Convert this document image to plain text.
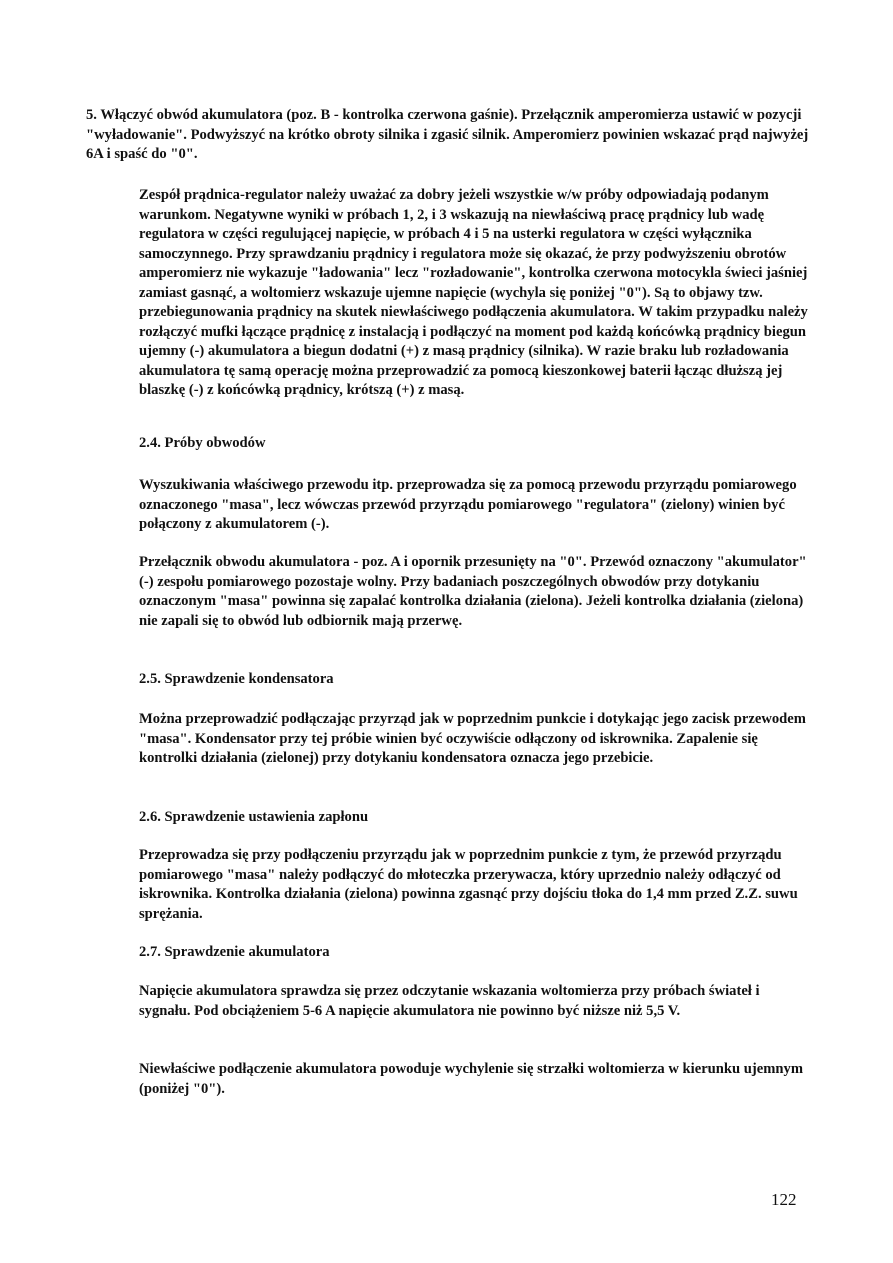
5. Włączyć obwód akumulatora (poz. B - kontrolka czerwona gaśnie). Przełącznik amperomierza ustawić w pozycji "wyładowanie". Podwyższyć na krótko obroty silnika i zgasić silnik. Amperomierz powinien wskazać prąd najwyżej 6A i spaść do "0".

Zespół prądnica-regulator należy uważać za dobry jeżeli wszystkie w/w próby odpowiadają podanym warunkom. Negatywne wyniki w próbach 1, 2, i 3 wskazują na niewłaściwą pracę prądnicy lub wadę regulatora w części regulującej napięcie, w próbach 4 i 5 na usterki regulatora w części wyłącznika samoczynnego. Przy sprawdzaniu prądnicy i regulatora może się okazać, że przy podwyższeniu obrotów amperomierz nie wykazuje "ładowania" lecz "rozładowanie", kontrolka czerwona motocykla świeci jaśniej zamiast gasnąć, a woltomierz wskazuje ujemne napięcie (wychyla się poniżej "0"). Są to objawy tzw. przebiegunowania prądnicy na skutek niewłaściwego podłączenia akumulatora. W takim przypadku należy rozłączyć mufki łączące prądnicę z instalacją i podłączyć na moment pod każdą końcówką prądnicy biegun ujemny (-) akumulatora a biegun dodatni (+) z masą prądnicy (silnika). W razie braku lub rozładowania akumulatora tę samą operację można przeprowadzić za pomocą kieszonkowej baterii łącząc dłuższą jej blaszkę (-) z końcówką prądnicy, krótszą (+) z masą.

2.4. Próby obwodów

Wyszukiwania właściwego przewodu itp. przeprowadza się za pomocą przewodu przyrządu pomiarowego oznaczonego "masa", lecz wówczas przewód przyrządu pomiarowego "regulatora" (zielony) winien być połączony z akumulatorem (-).

Przełącznik obwodu akumulatora - poz. A i opornik przesunięty na "0". Przewód oznaczony "akumulator" (-) zespołu pomiarowego pozostaje wolny. Przy badaniach poszczególnych obwodów przy dotykaniu oznaczonym "masa" powinna się zapalać kontrolka działania (zielona). Jeżeli kontrolka działania (zielona) nie zapali się to obwód lub odbiornik mają przerwę.

2.5. Sprawdzenie kondensatora

Można przeprowadzić podłączając przyrząd jak w poprzednim punkcie i dotykając jego zacisk przewodem "masa". Kondensator przy tej próbie winien być oczywiście odłączony od iskrownika. Zapalenie się kontrolki działania (zielonej) przy dotykaniu kondensatora oznacza jego przebicie.

2.6. Sprawdzenie ustawienia zapłonu

Przeprowadza się przy podłączeniu przyrządu jak w poprzednim punkcie z tym, że przewód przyrządu pomiarowego "masa" należy podłączyć do młoteczka przerywacza, który uprzednio należy odłączyć od iskrownika. Kontrolka działania (zielona) powinna zgasnąć przy dojściu tłoka do 1,4 mm przed Z.Z. suwu sprężania.

2.7. Sprawdzenie akumulatora

Napięcie akumulatora sprawdza się przez odczytanie wskazania woltomierza przy próbach świateł i sygnału. Pod obciążeniem 5-6 A napięcie akumulatora nie powinno być niższe niż 5,5 V.

Niewłaściwe podłączenie akumulatora powoduje wychylenie się strzałki woltomierza w kierunku ujemnym (poniżej "0").

122
